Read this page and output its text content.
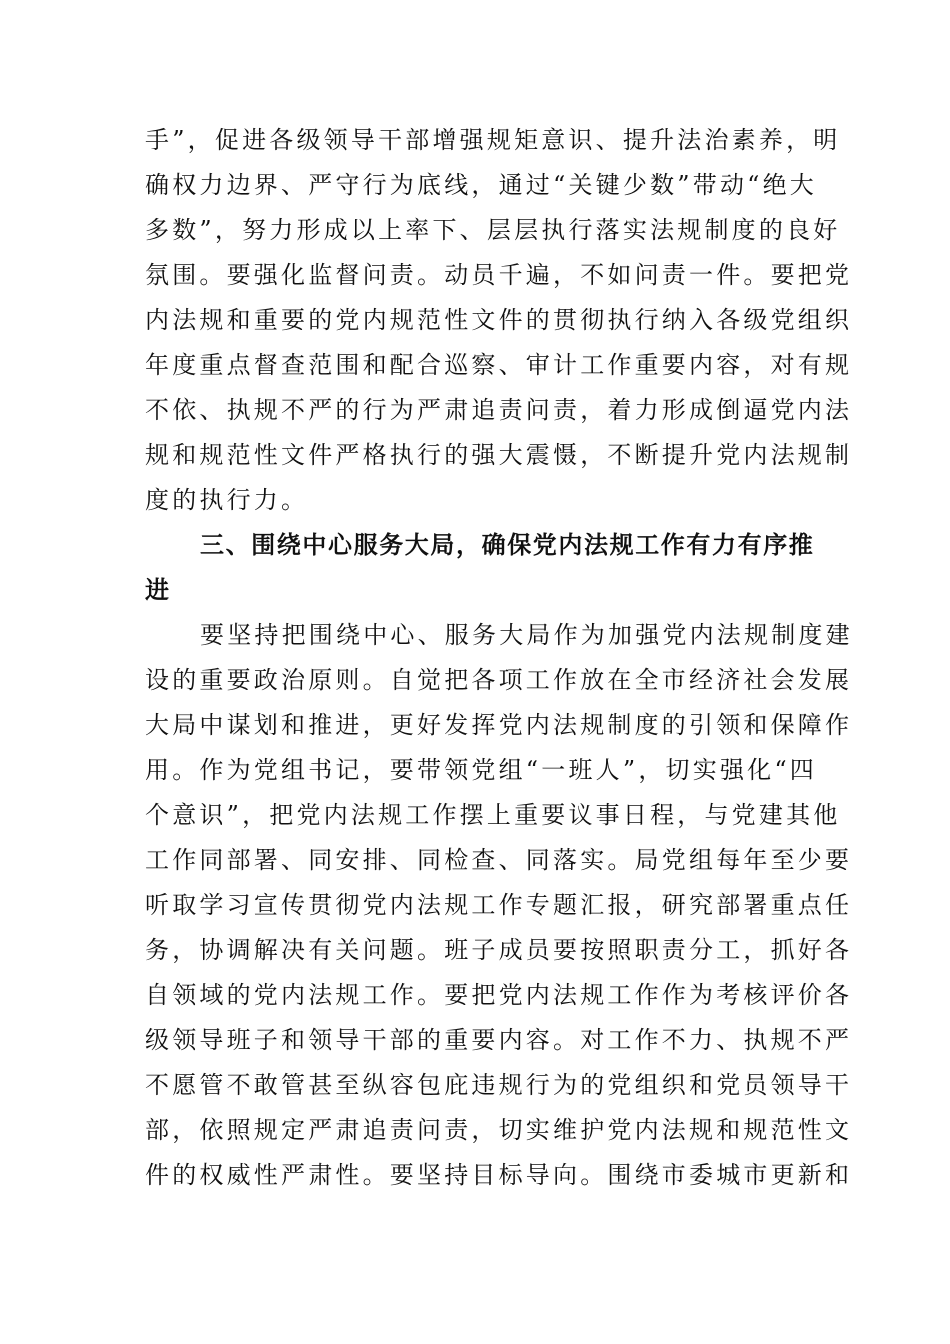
手”，促进各级领导干部增强规矩意识、提升法治素养，明
确权力边界、严守行为底线，通过“关键少数”带动“绝大
多数”，努力形成以上率下、层层执行落实法规制度的良好
氛围。要强化监督问责。动员千遍，不如问责一件。要把党
内法规和重要的党内规范性文件的贯彻执行纳入各级党组织
年度重点督查范围和配合巡察、审计工作重要内容，对有规
不依、执规不严的行为严肃追责问责，着力形成倒逼党内法
规和规范性文件严格执行的强大震慑，不断提升党内法规制
度的执行力。
三、围绕中心服务大局，确保党内法规工作有力有序推
进
要坚持把围绕中心、服务大局作为加强党内法规制度建
设的重要政治原则。自觉把各项工作放在全市经济社会发展
大局中谋划和推进，更好发挥党内法规制度的引领和保障作
用。作为党组书记，要带领党组“一班人”，切实强化“四
个意识”，把党内法规工作摆上重要议事日程，与党建其他
工作同部署、同安排、同检查、同落实。局党组每年至少要
听取学习宣传贯彻党内法规工作专题汇报，研究部署重点任
务，协调解决有关问题。班子成员要按照职责分工，抓好各
自领域的党内法规工作。要把党内法规工作作为考核评价各
级领导班子和领导干部的重要内容。对工作不力、执规不严
不愿管不敢管甚至纵容包庇违规行为的党组织和党员领导干
部，依照规定严肃追责问责，切实维护党内法规和规范性文
件的权威性严肃性。要坚持目标导向。围绕市委城市更新和
